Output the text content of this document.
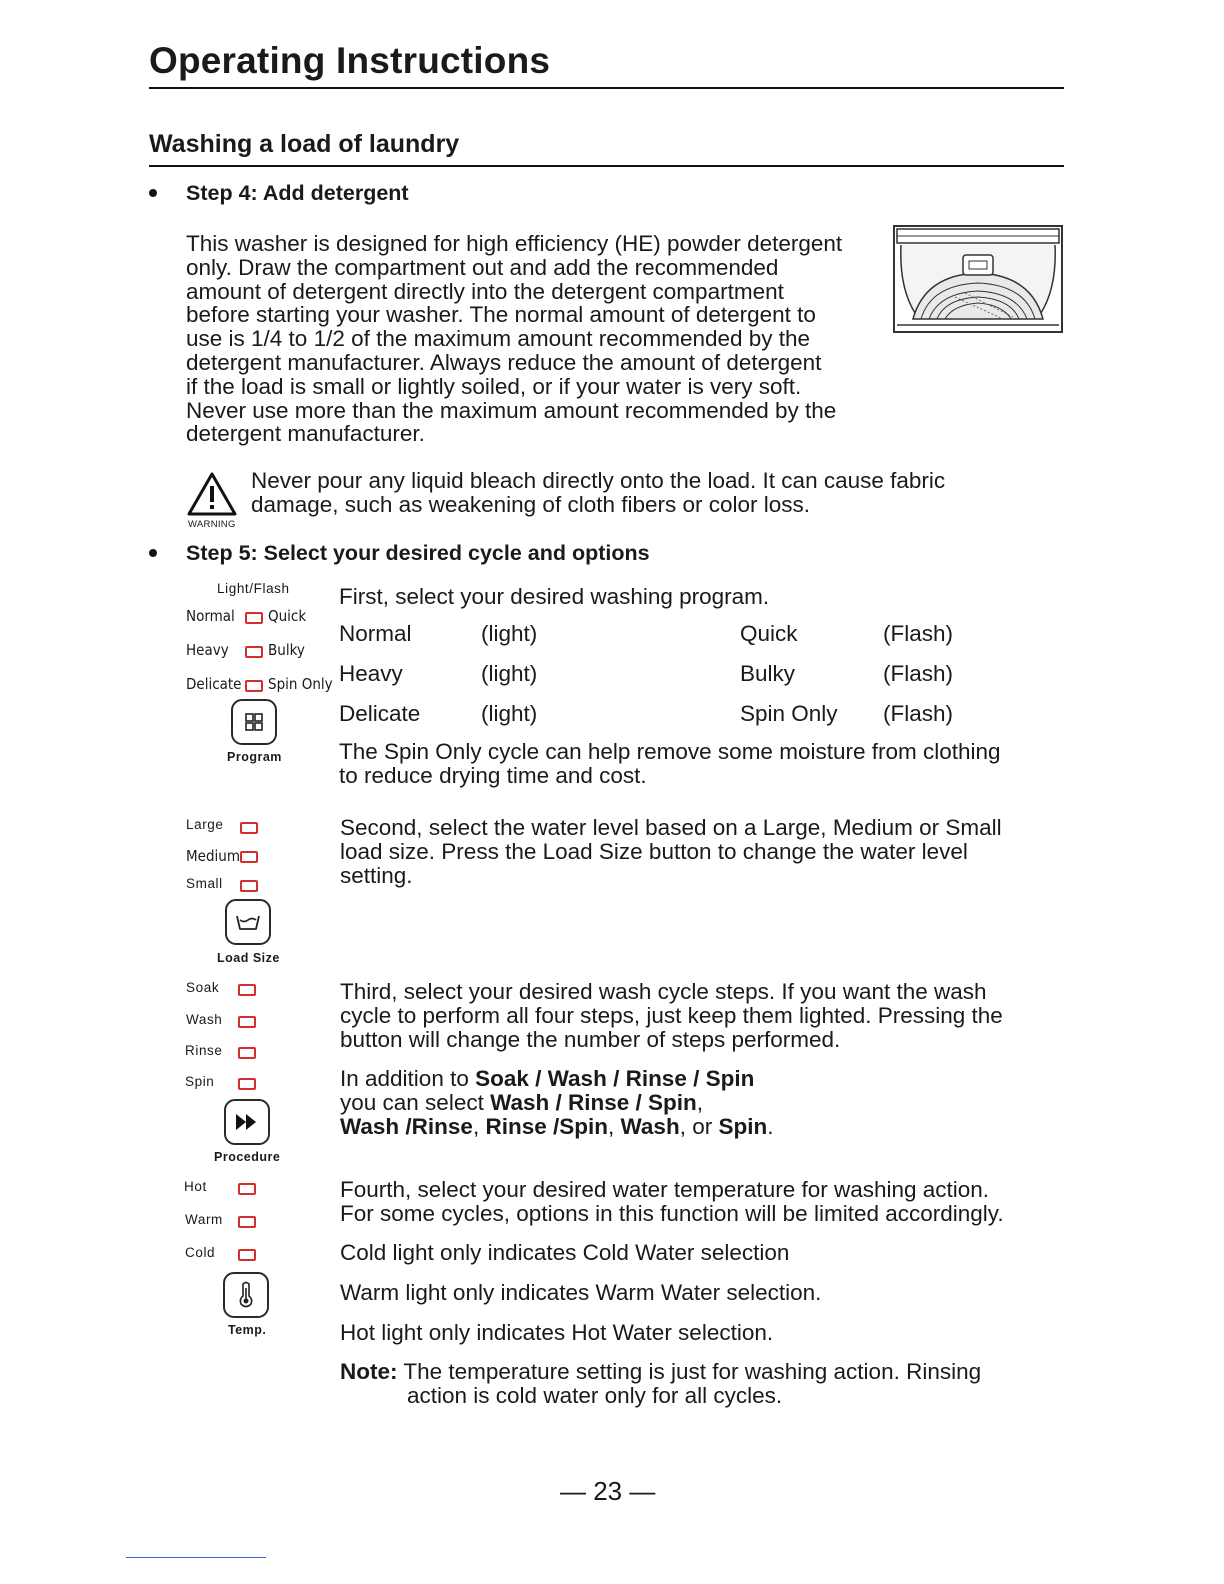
Operating Instructions
Washing a load of laundry
Step 4: Add detergent

This washer is designed for high efficiency (HE) powder detergent

only. Draw the compartment out and add the recommended

amount of detergent directly into the detergent compartment

before starting your washer. The normal amount of detergent to

use is 1/4 to 1/2 of the maximum amount recommended by the

detergent manufacturer. Always reduce the amount of detergent

if the load is small or lightly soiled, or if your water is very soft.

Never use more than the maximum amount recommended by the

detergent manufacturer.

WARNING
Never pour any liquid bleach directly onto the load. It can cause fabric
damage, such as weakening of cloth fibers or color loss.
Step 5: Select your desired cycle and options
Light/Flash
Normal Quick
Heavy	Bulky
Delicate Spin Only
Program
First, select your desired washing program.
Normal	(light)	Quick	(Flash)
Heavy	(light)	Bulky	(Flash)
Delicate	(light)	Spin Only (Flash)

The Spin Only cycle can help remove some moisture from clothing

to reduce drying time and cost.

Large
Medium
Small
Load Size

Second, select the water level based on a Large, Medium or Small

load size. Press the Load Size button to change the water level

setting.

Soak
Wash
Rinse
Spin
Procedure

Third, select your desired wash cycle steps. If you want the wash

cycle to perform all four steps, just keep them lighted. Pressing the

button will change the number of steps performed.

In addition to Soak / Wash / Rinse / Spin

you can select Wash / Rinse / Spin,

Wash /Rinse, Rinse /Spin, Wash, or Spin.

Hot
Warm
Cold
Temp.

Fourth, select your desired water temperature for washing action.

For some cycles, options in this function will be limited accordingly.

Cold light only indicates Cold Water selection
Warm light only indicates Warm Water selection.
Hot light only indicates Hot Water selection.

Note: The temperature setting is just for washing action. Rinsing

action is cold water only for all cycles.

— 23 —
